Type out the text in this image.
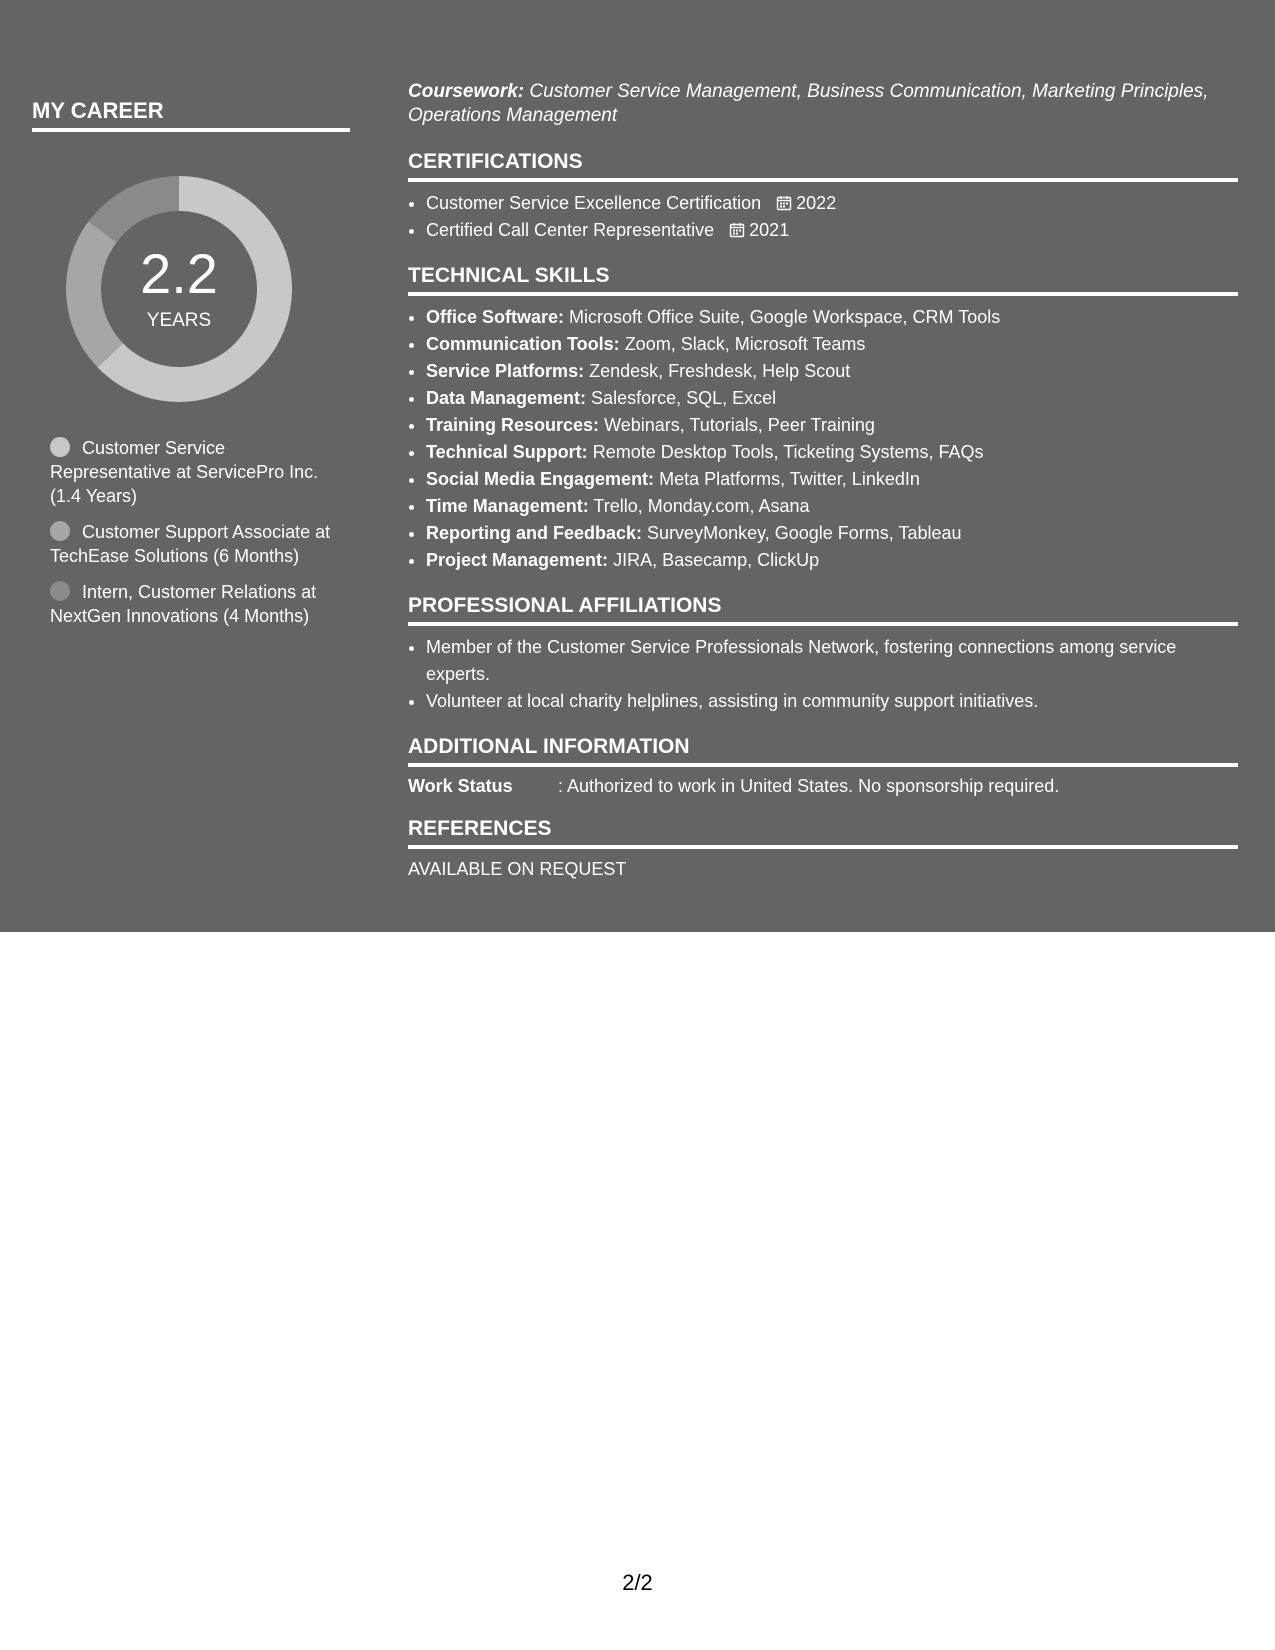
MY CAREER
2.2
YEARS
Customer Service Representative at ServicePro Inc. (1.4 Years)
Customer Support Associate at TechEase Solutions (6 Months)
Intern, Customer Relations at NextGen Innovations (4 Months)

Coursework: Customer Service Management, Business Communication, Marketing Principles, Operations Management

CERTIFICATIONS
• Customer Service Excellence Certification 2022
• Certified Call Center Representative 2021
TECHNICAL SKILLS
• Office Software: Microsoft Office Suite, Google Workspace, CRM Tools
• Communication Tools: Zoom, Slack, Microsoft Teams
• Service Platforms: Zendesk, Freshdesk, Help Scout
• Data Management: Salesforce, SQL, Excel
• Training Resources: Webinars, Tutorials, Peer Training
• Technical Support: Remote Desktop Tools, Ticketing Systems, FAQs
• Social Media Engagement: Meta Platforms, Twitter, LinkedIn
• Time Management: Trello, Monday.com, Asana
• Reporting and Feedback: SurveyMonkey, Google Forms, Tableau
• Project Management: JIRA, Basecamp, ClickUp
PROFESSIONAL AFFILIATIONS
• Member of the Customer Service Professionals Network, fostering connections among service experts.
• Volunteer at local charity helplines, assisting in community support initiatives.
ADDITIONAL INFORMATION
Work Status	: Authorized to work in United States. No sponsorship required.
REFERENCES

AVAILABLE ON REQUEST

2/2
